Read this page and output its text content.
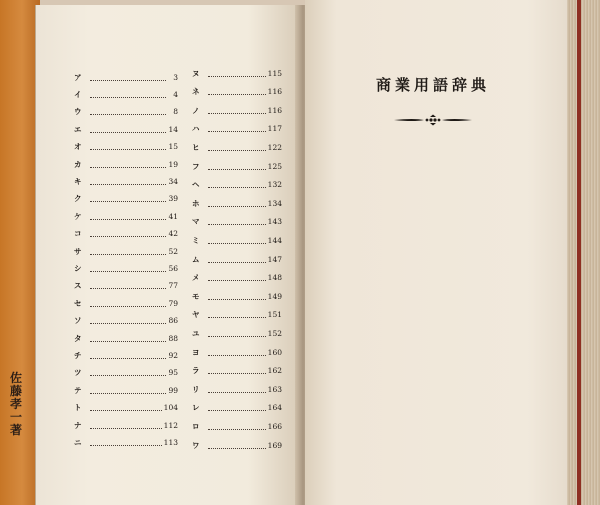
佐
藤
孝
一
著
ア	3
イ	4
ウ	8
エ	14
オ	15
カ	19
キ	34
ク	39
ケ	41
コ	42
サ	52
シ	56
ス	77
セ	79
ソ	86
タ	88
チ	92
ツ	95
テ	99
ト	104
ナ	112
ニ	113
ヌ	115
ネ	116
ノ	116
ハ	117
ヒ	122
フ	125
ヘ	132
ホ	134
マ	143
ミ	144
ム	147
メ	148
モ	149
ヤ	151
ユ	152
ヨ	160
ラ	162
リ	163
レ	164
ロ	166
ワ	169
商業用語辞典
